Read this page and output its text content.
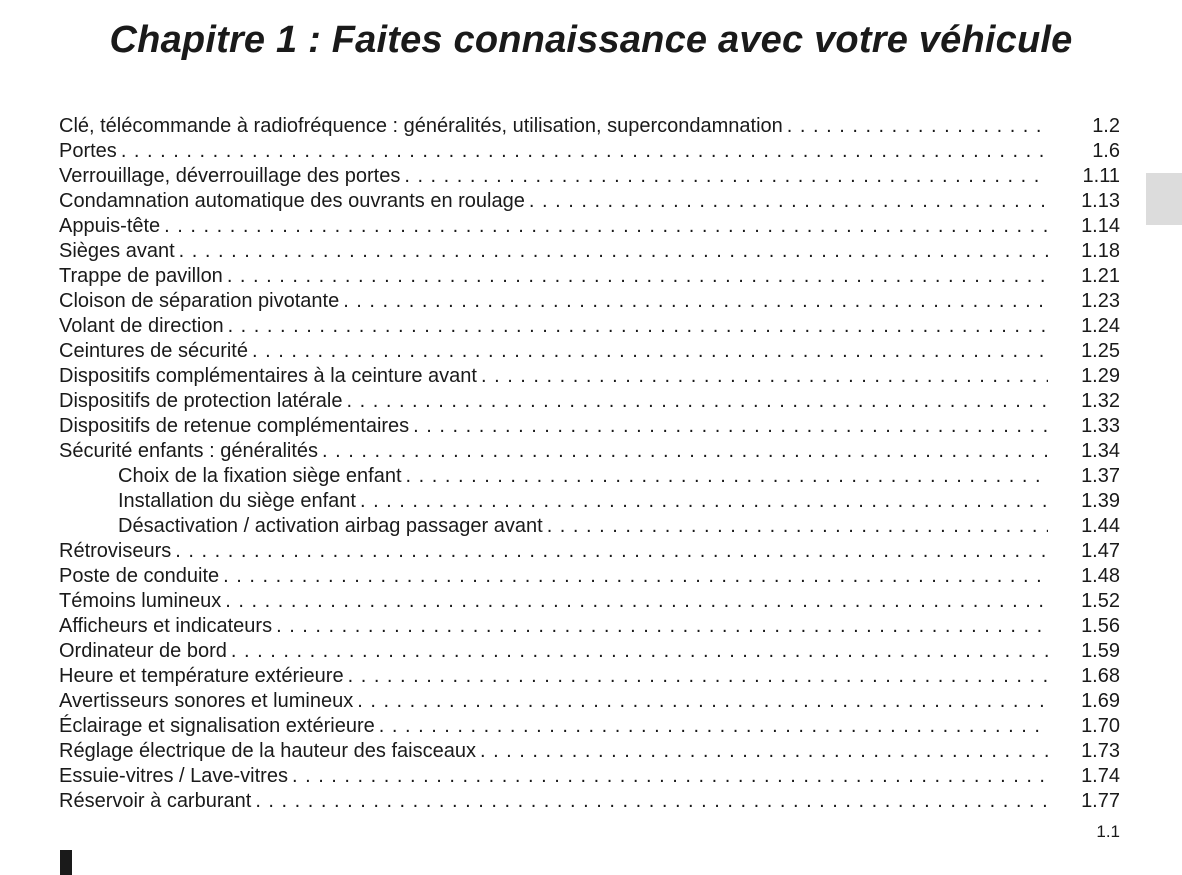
Chapitre 1 : Faites connaissance avec votre véhicule
Clé, télécommande à radiofréquence : généralités, utilisation, supercondamnation . . .	1.2
Portes . . .	1.6
Verrouillage, déverrouillage des portes . . .	1.11
Condamnation automatique des ouvrants en roulage . . .	1.13
Appuis-tête . . .	1.14
Sièges avant . . .	1.18
Trappe de pavillon . . .	1.21
Cloison de séparation pivotante . . .	1.23
Volant de direction . . .	1.24
Ceintures de sécurité . . .	1.25
Dispositifs complémentaires à la ceinture avant . . .	1.29
Dispositifs de protection latérale . . .	1.32
Dispositifs de retenue complémentaires . . .	1.33
Sécurité enfants : généralités . . .	1.34
Choix de la fixation siège enfant . . .	1.37
Installation du siège enfant . . .	1.39
Désactivation / activation airbag passager avant . . .	1.44
Rétroviseurs . . .	1.47
Poste de conduite . . .	1.48
Témoins lumineux . . .	1.52
Afficheurs et indicateurs . . .	1.56
Ordinateur de bord . . .	1.59
Heure et température extérieure . . .	1.68
Avertisseurs sonores et lumineux . . .	1.69
Éclairage et signalisation extérieure . . .	1.70
Réglage électrique de la hauteur des faisceaux . . .	1.73
Essuie-vitres / Lave-vitres . . .	1.74
Réservoir à carburant . . .	1.77
1.1
